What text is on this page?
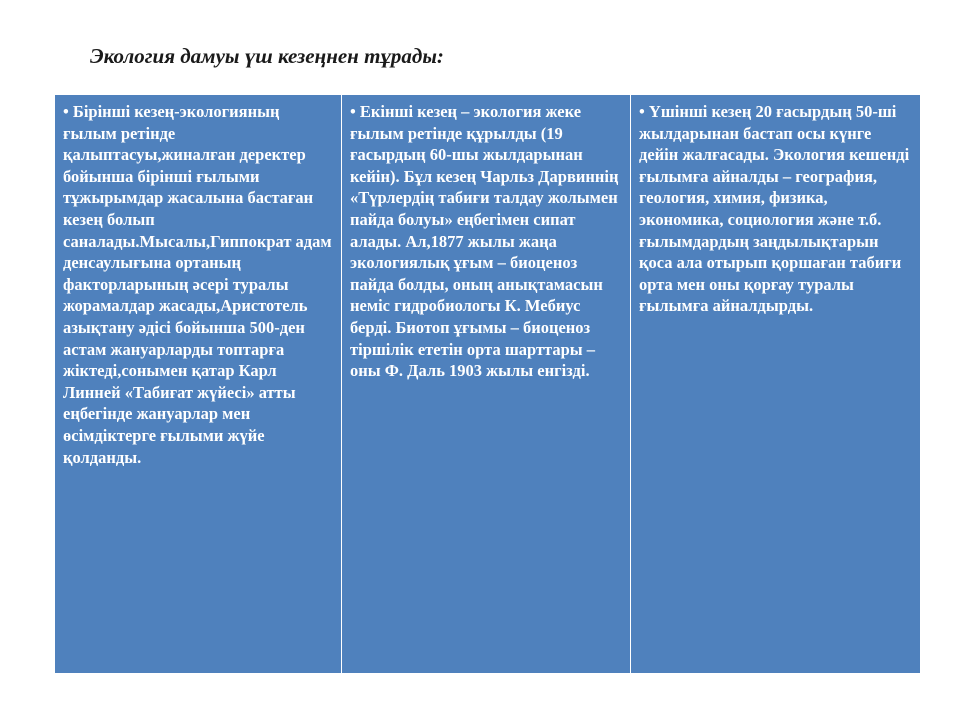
Экология дамуы үш кезеңнен тұрады:
• Бірінші кезең-экологияның ғылым ретінде қалыптасуы,жиналған деректер бойынша бірінші ғылыми тұжырымдар жасалына бастаған кезең болып саналады.Мысалы,Гиппократ адам денсаулығына ортаның факторларының әсері туралы жорамалдар жасады,Аристотель азықтану әдісі бойынша 500-ден астам жануарларды топтарға жіктеді,сонымен қатар Карл Линней «Табиғат жүйесі» атты еңбегінде жануарлар мен өсімдіктерге ғылыми жүйе қолданды.	• Екінші кезең – экология жеке ғылым ретінде құрылды (19 ғасырдың 60-шы жылдарынан кейін). Бұл кезең Чарльз Дарвиннің «Түрлердің табиғи талдау жолымен пайда болуы» еңбегімен сипат алады. Ал,1877 жылы жаңа экологиялық ұғым – биоценоз пайда болды, оның анықтамасын неміс гидробиологы К. Мебиус берді. Биотоп ұғымы – биоценоз тіршілік ететін орта шарттары – оны Ф. Даль 1903 жылы енгізді.	• Үшінші кезең 20 ғасырдың 50-ші жылдарынан бастап осы күнге дейін жалғасады. Экология кешенді ғылымға айналды – география, геология, химия, физика, экономика, социология және т.б. ғылымдардың заңдылықтарын қоса ала отырып қоршаған табиғи орта мен оны қорғау туралы ғылымға айналдырды.
